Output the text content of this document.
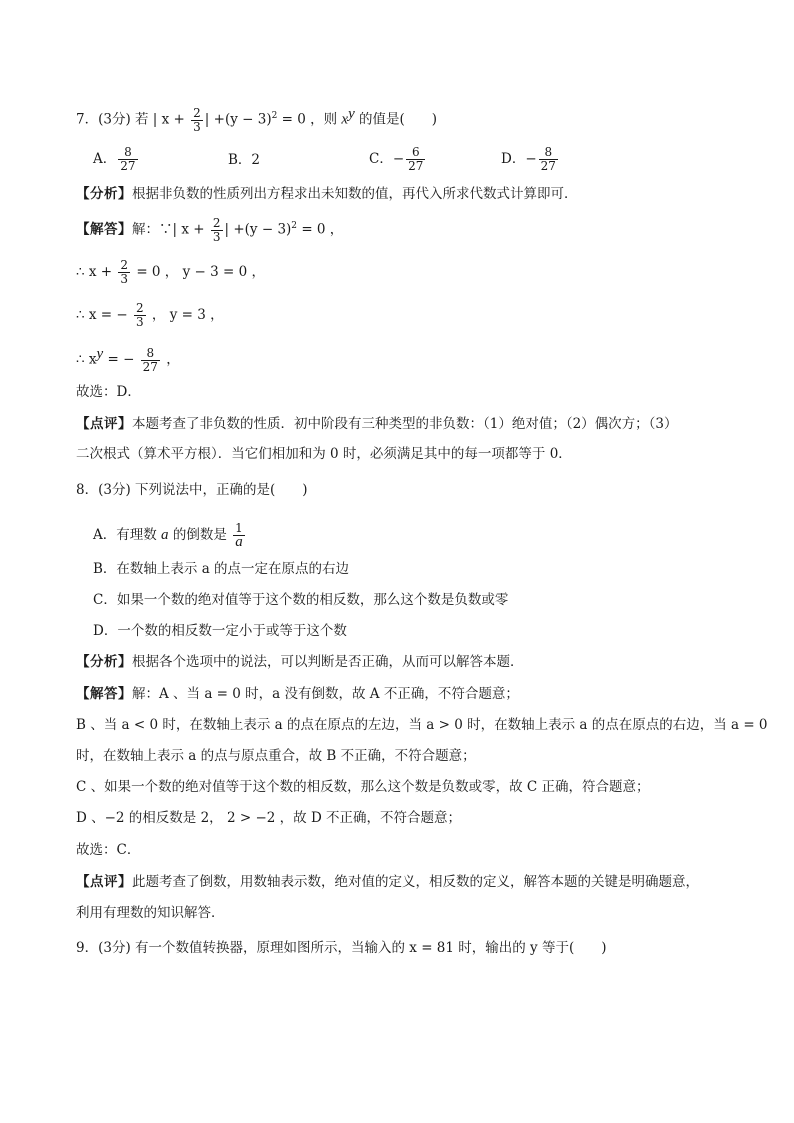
7．(3分) 若 | $x + \frac{2}{3}$ | $+(y - 3)^2 = 0$ ，则 $x^y$ 的值是(　　)
A． $\frac{8}{27}$	B．2	C．− $\frac{6}{27}$	D．− $\frac{8}{27}$
【分析】根据非负数的性质列出方程求出未知数的值，再代入所求代数式计算即可．
【解答】解：∵| $x + \frac{2}{3}$ | $+(y - 3)^2 = 0$ ，
∴ $x + \frac{2}{3} = 0$ ， y − 3 = 0 ，
∴ x = − $\frac{2}{3}$ ， y = 3 ，
∴ $x^y$ = − $\frac{8}{27}$ ，
故选：D．
【点评】本题考查了非负数的性质．初中阶段有三种类型的非负数：（1）绝对值；（2）偶次方；（3）
二次根式（算术平方根）．当它们相加和为 0 时，必须满足其中的每一项都等于 0．
8．(3分) 下列说法中，正确的是(　　)
A．有理数 a 的倒数是 $\frac{1}{a}$
B．在数轴上表示 a 的点一定在原点的右边
C．如果一个数的绝对值等于这个数的相反数，那么这个数是负数或零
D．一个数的相反数一定小于或等于这个数
【分析】根据各个选项中的说法，可以判断是否正确，从而可以解答本题．
【解答】解：A 、当 a = 0 时，a 没有倒数，故 A 不正确，不符合题意；
B 、当 a < 0 时，在数轴上表示 a 的点在原点的左边，当 a > 0 时，在数轴上表示 a 的点在原点的右边，当 a = 0
时，在数轴上表示 a 的点与原点重合，故 B 不正确，不符合题意；
C 、如果一个数的绝对值等于这个数的相反数，那么这个数是负数或零，故 C 正确，符合题意；
D 、−2 的相反数是 2， 2 > −2 ，故 D 不正确，不符合题意；
故选：C．
【点评】此题考查了倒数，用数轴表示数，绝对值的定义，相反数的定义，解答本题的关键是明确题意，
利用有理数的知识解答．
9．(3分) 有一个数值转换器，原理如图所示，当输入的 x = 81 时，输出的 y 等于(　　)
